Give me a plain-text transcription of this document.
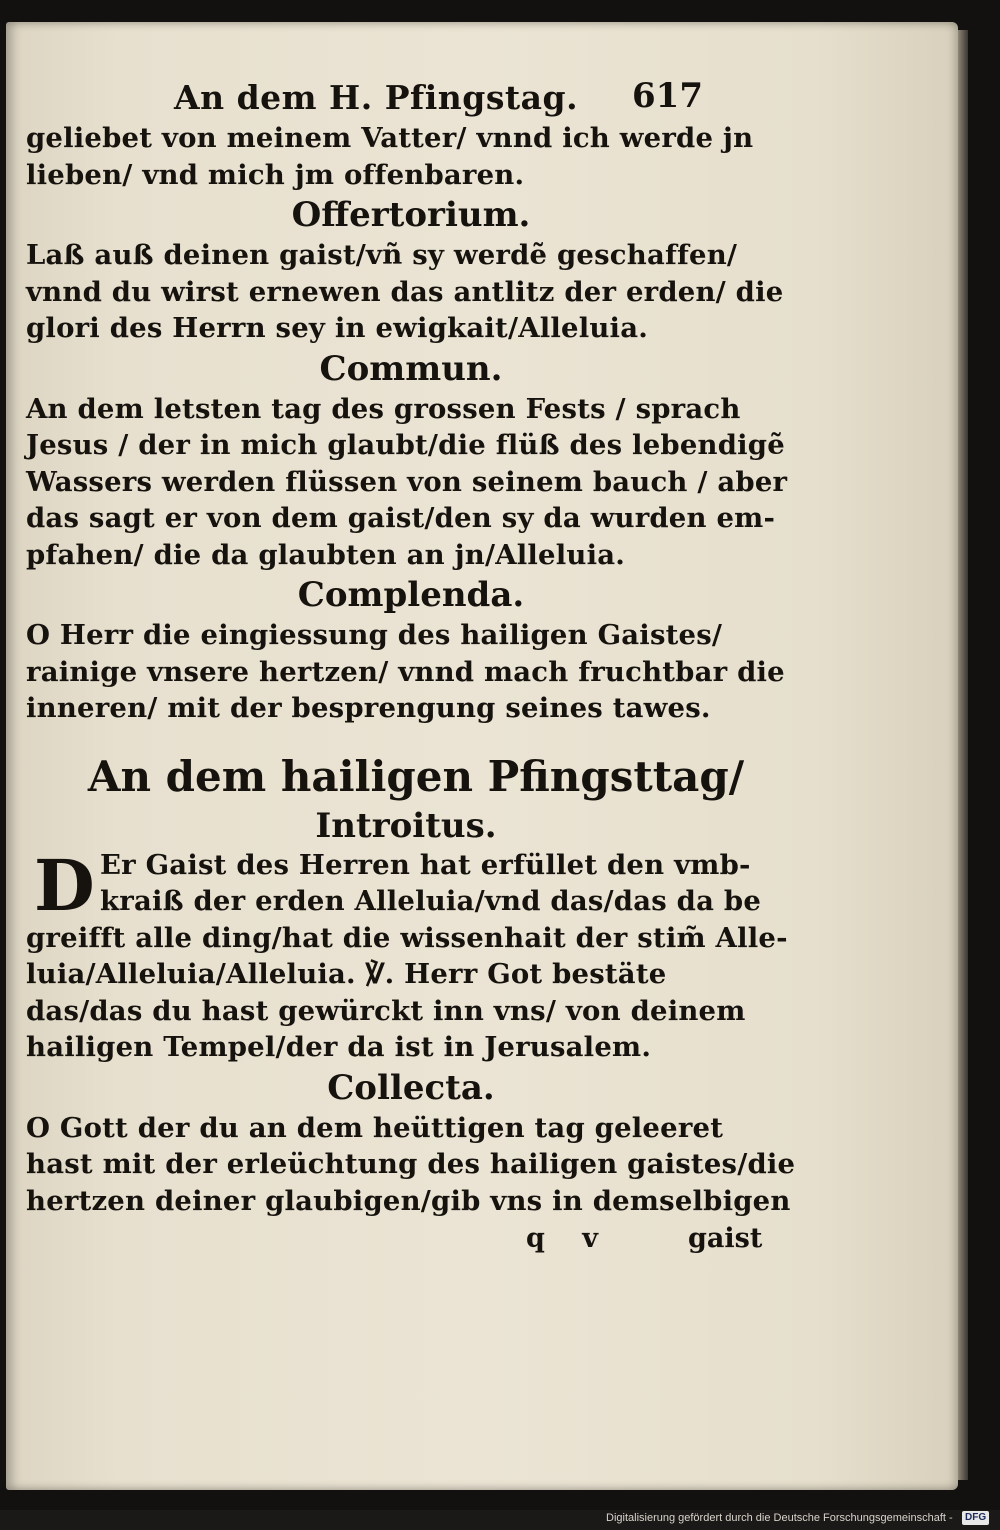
An dem H. Pfingstag. 617
geliebet von meinem Vatter/ vnnd ich werde jn
lieben/ vnd mich jm offenbaren.
Offertorium.
Laß auß deinen gaist/vñ sy werdẽ geschaffen/
vnnd du wirst ernewen das antlitz der erden/ die
glori des Herrn sey in ewigkait/Alleluia.
Commun.
An dem letsten tag des grossen Fests / sprach
Jesus / der in mich glaubt/die flüß des lebendigẽ
Wassers werden flüssen von seinem bauch / aber
das sagt er von dem gaist/den sy da wurden em-
pfahen/ die da glaubten an jn/Alleluia.
Complenda.
O Herr die eingiessung des hailigen Gaistes/
rainige vnsere hertzen/ vnnd mach fruchtbar die
inneren/ mit der besprengung seines tawes.
An dem hailigen Pfingsttag/
Introitus.
D Er Gaist des Herren hat erfüllet den vmb-
kraiß der erden Alleluia/vnd das/das da be
greifft alle ding/hat die wissenhait der stim̃ Alle-
luia/Alleluia/Alleluia. ℣. Herr Got bestäte
das/das du hast gewürckt inn vns/ von deinem
hailigen Tempel/der da ist in Jerusalem.
Collecta.
O Gott der du an dem heüttigen tag geleeret
hast mit der erleüchtung des hailigen gaistes/die
hertzen deiner glaubigen/gib vns in demselbigen
q v	gaist
Digitalisierung gefördert durch die Deutsche Forschungsgemeinschaft -	DFG
